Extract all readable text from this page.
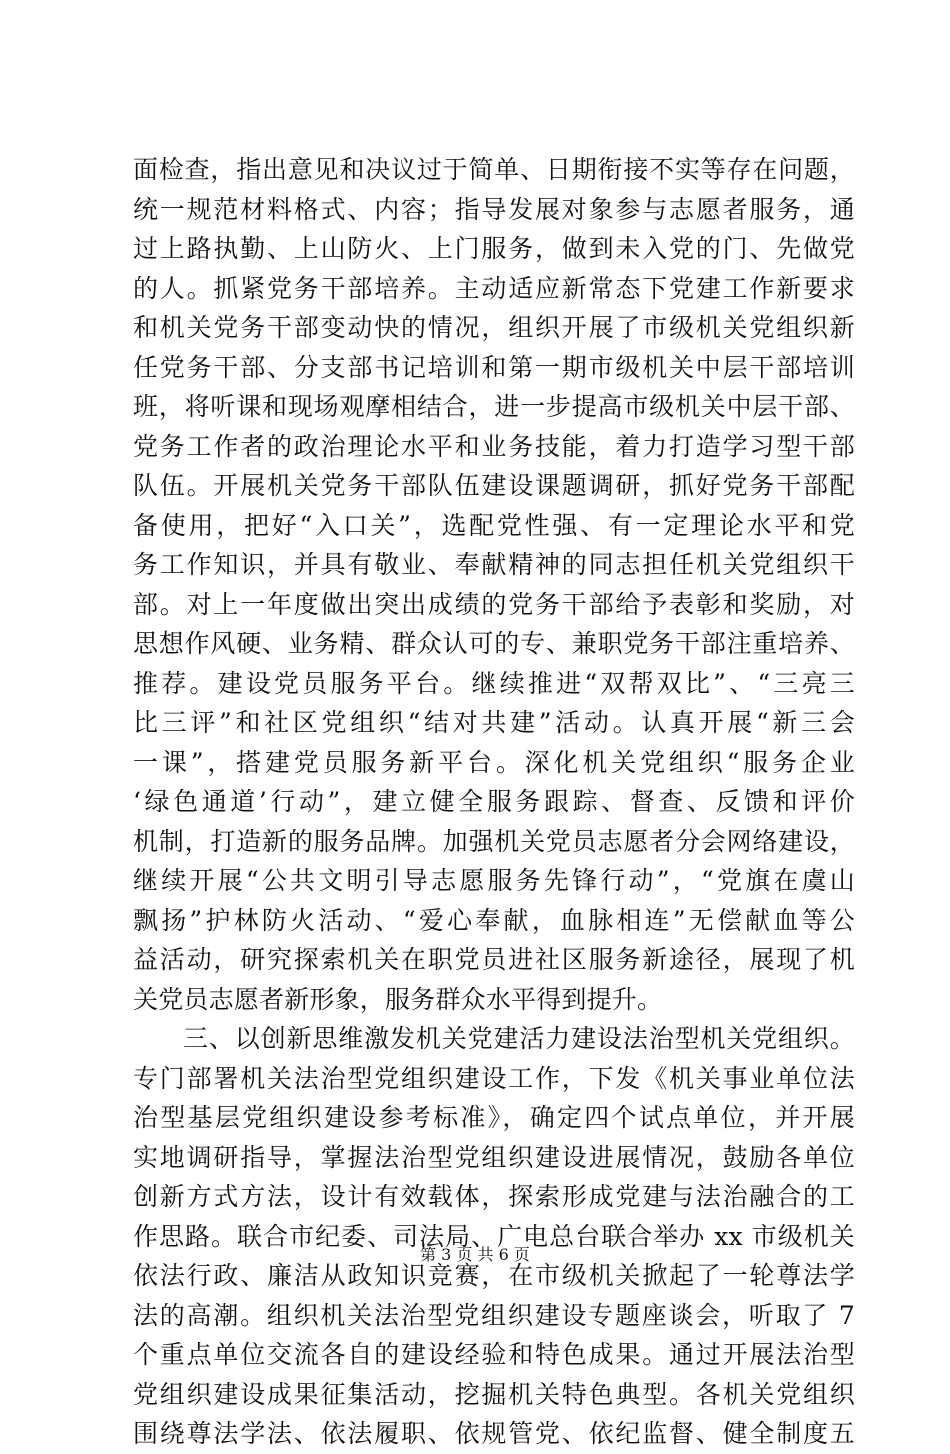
面检查，指出意见和决议过于简单、日期衔接不实等存在问题，
统一规范材料格式、内容；指导发展对象参与志愿者服务，通
过上路执勤、上山防火、上门服务，做到未入党的门、先做党
的人。抓紧党务干部培养。主动适应新常态下党建工作新要求
和机关党务干部变动快的情况，组织开展了市级机关党组织新
任党务干部、分支部书记培训和第一期市级机关中层干部培训
班，将听课和现场观摩相结合，进一步提高市级机关中层干部、
党务工作者的政治理论水平和业务技能，着力打造学习型干部
队伍。开展机关党务干部队伍建设课题调研，抓好党务干部配
备使用，把好“入口关”，选配党性强、有一定理论水平和党
务工作知识，并具有敬业、奉献精神的同志担任机关党组织干
部。对上一年度做出突出成绩的党务干部给予表彰和奖励，对
思想作风硬、业务精、群众认可的专、兼职党务干部注重培养、
推荐。建设党员服务平台。继续推进“双帮双比”、“三亮三
比三评”和社区党组织“结对共建”活动。认真开展“新三会
一课”，搭建党员服务新平台。深化机关党组织“服务企业
‘绿色通道’行动”，建立健全服务跟踪、督查、反馈和评价
机制，打造新的服务品牌。加强机关党员志愿者分会网络建设，
继续开展“公共文明引导志愿服务先锋行动”，“党旗在虞山
飘扬”护林防火活动、“爱心奉献，血脉相连”无偿献血等公
益活动，研究探索机关在职党员进社区服务新途径，展现了机
关党员志愿者新形象，服务群众水平得到提升。
三、以创新思维激发机关党建活力建设法治型机关党组织。
专门部署机关法治型党组织建设工作，下发《机关事业单位法
治型基层党组织建设参考标准》，确定四个试点单位，并开展
实地调研指导，掌握法治型党组织建设进展情况，鼓励各单位
创新方式方法，设计有效载体，探索形成党建与法治融合的工
作思路。联合市纪委、司法局、广电总台联合举办 xx 市级机关
依法行政、廉洁从政知识竞赛，在市级机关掀起了一轮尊法学
法的高潮。组织机关法治型党组织建设专题座谈会，听取了 7
个重点单位交流各自的建设经验和特色成果。通过开展法治型
党组织建设成果征集活动，挖掘机关特色典型。各机关党组织
围绕尊法学法、依法履职、依规管党、依纪监督、健全制度五
第 3 页 共 6 页
